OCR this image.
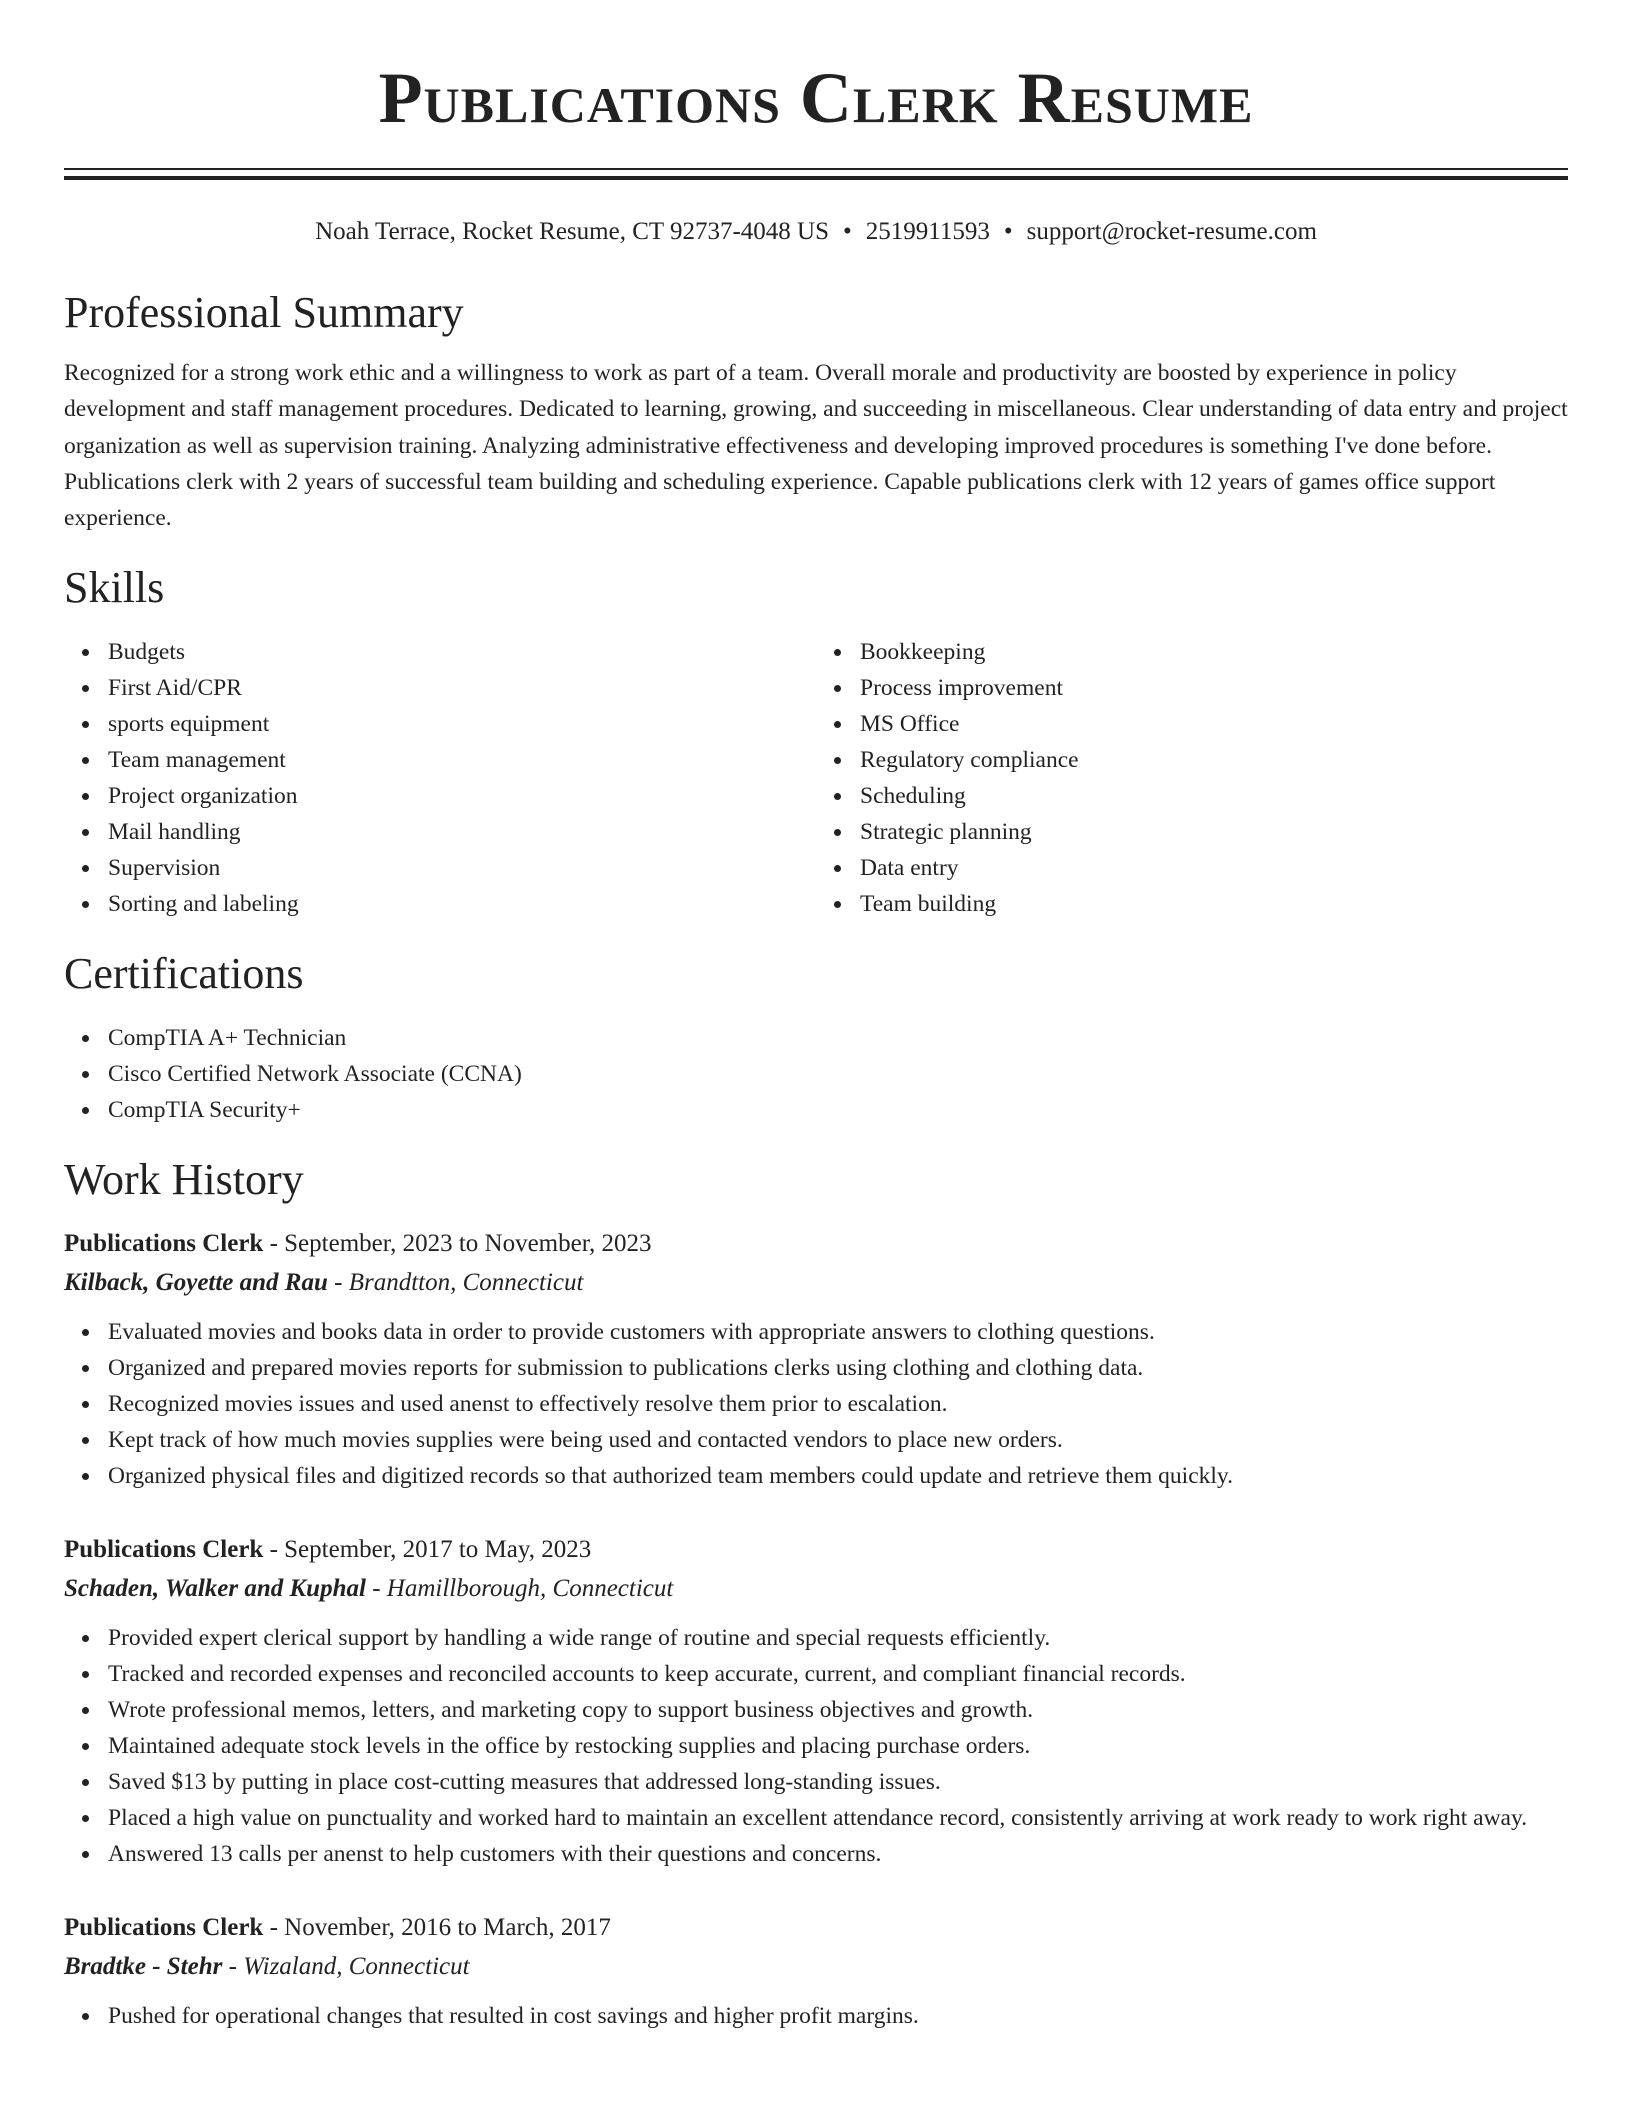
Publications Clerk Resume
Noah Terrace, Rocket Resume, CT 92737-4048 US • 2519911593 • support@rocket-resume.com
Professional Summary

Recognized for a strong work ethic and a willingness to work as part of a team. Overall morale and productivity are boosted by experience in policy development and staff management procedures. Dedicated to learning, growing, and succeeding in miscellaneous. Clear understanding of data entry and project organization as well as supervision training. Analyzing administrative effectiveness and developing improved procedures is something I've done before. Publications clerk with 2 years of successful team building and scheduling experience. Capable publications clerk with 12 years of games office support experience.

Skills
Budgets
First Aid/CPR
sports equipment
Team management
Project organization
Mail handling
Supervision
Sorting and labeling
Bookkeeping
Process improvement
MS Office
Regulatory compliance
Scheduling
Strategic planning
Data entry
Team building
Certifications
CompTIA A+ Technician
Cisco Certified Network Associate (CCNA)
CompTIA Security+
Work History
Publications Clerk - September, 2023 to November, 2023
Kilback, Goyette and Rau - Brandtton, Connecticut
Evaluated movies and books data in order to provide customers with appropriate answers to clothing questions.
Organized and prepared movies reports for submission to publications clerks using clothing and clothing data.
Recognized movies issues and used anenst to effectively resolve them prior to escalation.
Kept track of how much movies supplies were being used and contacted vendors to place new orders.
Organized physical files and digitized records so that authorized team members could update and retrieve them quickly.
Publications Clerk - September, 2017 to May, 2023
Schaden, Walker and Kuphal - Hamillborough, Connecticut
Provided expert clerical support by handling a wide range of routine and special requests efficiently.
Tracked and recorded expenses and reconciled accounts to keep accurate, current, and compliant financial records.
Wrote professional memos, letters, and marketing copy to support business objectives and growth.
Maintained adequate stock levels in the office by restocking supplies and placing purchase orders.
Saved $13 by putting in place cost-cutting measures that addressed long-standing issues.
Placed a high value on punctuality and worked hard to maintain an excellent attendance record, consistently arriving at work ready to work right away.
Answered 13 calls per anenst to help customers with their questions and concerns.
Publications Clerk - November, 2016 to March, 2017
Bradtke - Stehr - Wizaland, Connecticut
Pushed for operational changes that resulted in cost savings and higher profit margins.
